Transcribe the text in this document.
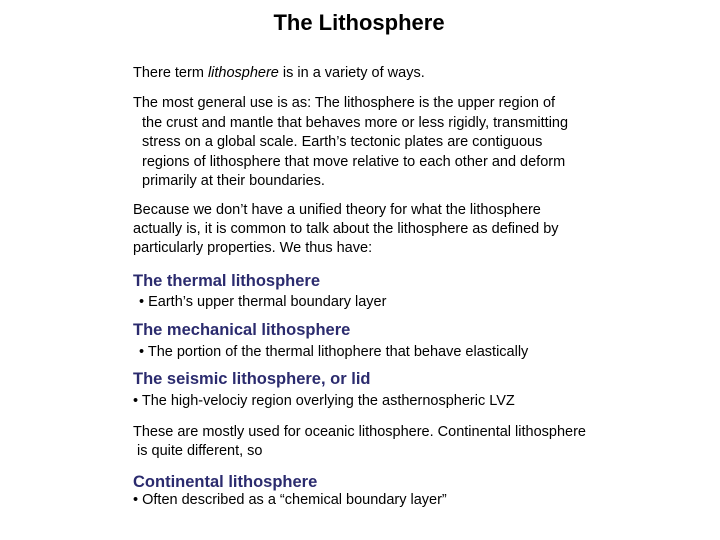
The Lithosphere
There term lithosphere is in a variety of ways.
The most general use is as: The lithosphere is the upper region of
the crust and mantle that behaves more or less rigidly, transmitting
stress on a global scale. Earth’s tectonic plates are contiguous
regions of lithosphere that move relative to each other and deform
primarily at their boundaries.
Because we don’t have a unified theory for what the lithosphere
actually is, it is common to talk about the lithosphere as defined by
particularly properties. We thus have:
The thermal lithosphere
• Earth’s upper thermal boundary layer
The mechanical lithosphere
• The portion of the thermal lithophere that behave elastically
The seismic lithosphere, or lid
• The high-velociy region overlying the asthernospheric LVZ
These are mostly used for oceanic lithosphere. Continental lithosphere
is quite different, so
Continental lithosphere
• Often described as a “chemical boundary layer”
